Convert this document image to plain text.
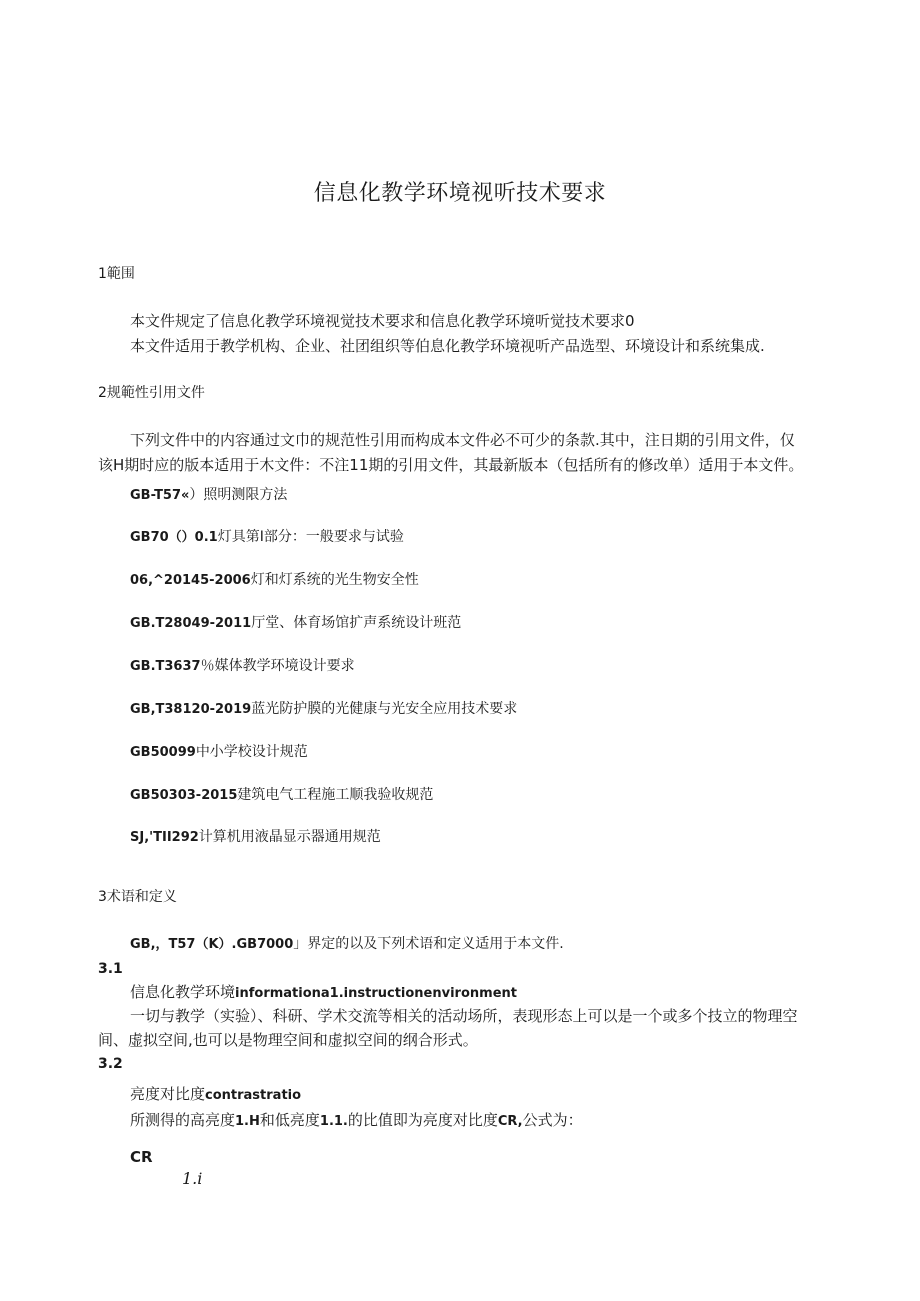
信息化教学环境视听技术要求
1範围
本文件规定了信息化教学环境视觉技术要求和信息化教学环境听觉技术要求0
本文件适用于教学机构、企业、社团组织等伯息化教学环境视听产品选型、环境设计和系统集成.
2规範性引用文件
下列文件中的内容通过文巾的规范性引用而构成本文件必不可少的条款.其中，注日期的引用文件，仅
该H期时应的版本适用于木文件：不注11期的引用文件，其最新版本（包括所有的修改单）适用于本文件。
GB-T57«）照明测限方法
GB70（）0.1灯具第I部分：一般要求与试验
06,^20145-2006灯和灯系统的光生物安全性
GB.T28049-2011厅堂、体育场馆扩声系统设计班范
GB.T3637％媒体教学环境设计要求
GB,T38120-2019蓝光防护膜的光健康与光安全应用技术要求
GB50099中小学校设计规范
GB50303-2015建筑电气工程施工顺我验收规范
SJ,'TII292计算机用液晶显示器通用规范
3术语和定义
GB,，T57（K）.GB7000」界定的以及下列术语和定义适用于本文件.
3.1
信息化教学环境informationa1.instructionenvironment
一切与教学（实验）、科研、学术交流等相关的活动场所，表现形态上可以是一个或多个技立的物理空
间、虚拟空间,也可以是物理空间和虚拟空间的纲合形式。
3.2
亮度对比度contrastratio
所测得的高亮度1.H和低亮度1.1.的比值即为亮度对比度CR,公式为：
CR
1.i
